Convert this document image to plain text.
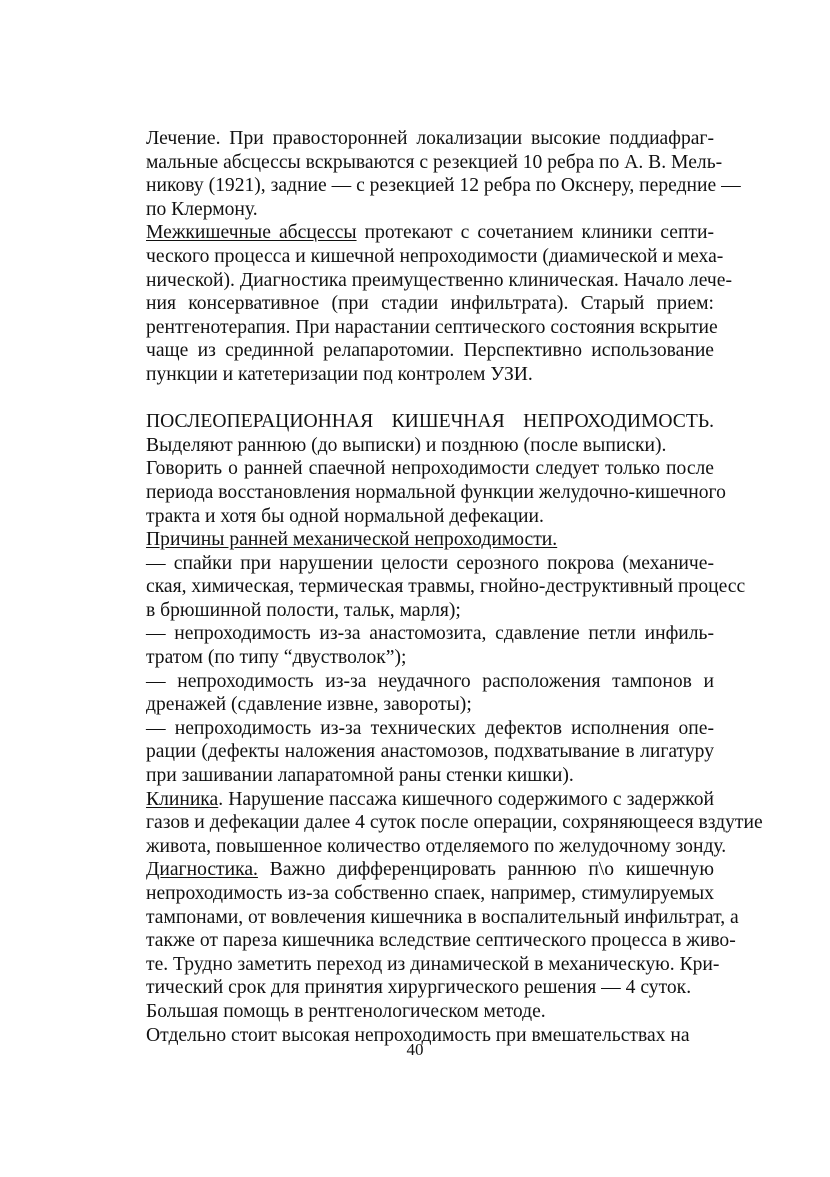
Лечение. При правосторонней локализации высокие поддиафраг-
мальные абсцессы вскрываются с резекцией 10 ребра по А. В. Мель-
никову (1921), задние — с резекцией 12 ребра по Окснеру, передние —
по Клермону.
Межкишечные абсцессы протекают с сочетанием клиники септи-
ческого процесса и кишечной непроходимости (диамической и меха-
нической). Диагностика преимущественно клиническая. Начало лече-
ния консервативное (при стадии инфильтрата). Старый прием:
рентгенотерапия. При нарастании септического состояния вскрытие
чаще из срединной релапаротомии. Перспективно использование
пункции и катетеризации под контролем УЗИ.
ПОСЛЕОПЕРАЦИОННАЯ КИШЕЧНАЯ НЕПРОХОДИМОСТЬ.
Выделяют раннюю (до выписки) и позднюю (после выписки).
Говорить о ранней спаечной непроходимости следует только после
периода восстановления нормальной функции желудочно-кишечного
тракта и хотя бы одной нормальной дефекации.
Причины ранней механической непроходимости.
— спайки при нарушении целости серозного покрова (механиче-
ская, химическая, термическая травмы, гнойно-деструктивный процесс
в брюшинной полости, тальк, марля);
— непроходимость из-за анастомозита, сдавление петли инфиль-
тратом (по типу “двустволок”);
— непроходимость из-за неудачного расположения тампонов и
дренажей (сдавление извне, завороты);
— непроходимость из-за технических дефектов исполнения опе-
рации (дефекты наложения анастомозов, подхватывание в лигатуру
при зашивании лапаратомной раны стенки кишки).
Клиника. Нарушение пассажа кишечного содержимого с задержкой
газов и дефекации далее 4 суток после операции, сохряняющееся вздутие
живота, повышенное количество отделяемого по желудочному зонду.
Диагностика. Важно дифференцировать раннюю п\о кишечную
непроходимость из-за собственно спаек, например, стимулируемых
тампонами, от вовлечения кишечника в воспалительный инфильтрат, а
также от пареза кишечника вследствие септического процесса в живо-
те. Трудно заметить переход из динамической в механическую. Кри-
тический срок для принятия хирургического решения — 4 суток.
Большая помощь в рентгенологическом методе.
Отдельно стоит высокая непроходимость при вмешательствах на
40
